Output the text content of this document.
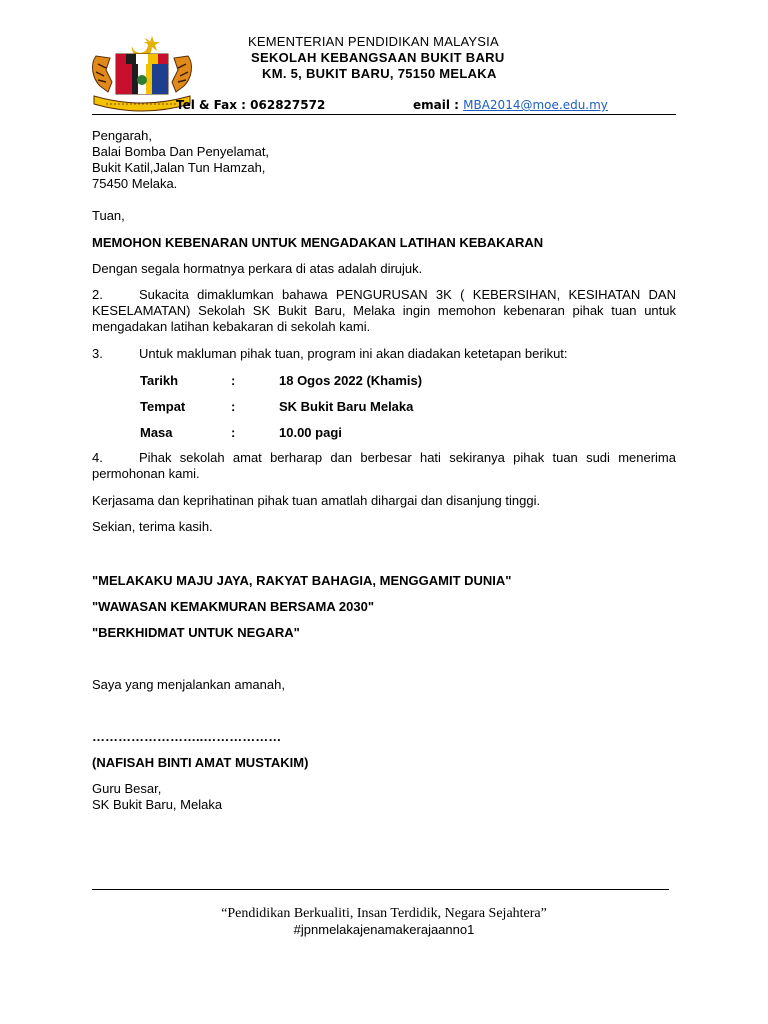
KEMENTERIAN PENDIDIKAN MALAYSIA
SEKOLAH KEBANGSAAN BUKIT BARU
KM. 5, BUKIT BARU, 75150 MELAKA
Tel & Fax : 062827572	email : MBA2014@moe.edu.my
Pengarah,
Balai Bomba Dan Penyelamat,
Bukit Katil,Jalan Tun Hamzah,
75450 Melaka.
Tuan,
MEMOHON KEBENARAN UNTUK MENGADAKAN LATIHAN KEBAKARAN
Dengan segala hormatnya perkara di atas adalah dirujuk.
2.	Sukacita dimaklumkan bahawa PENGURUSAN 3K ( KEBERSIHAN, KESIHATAN DAN KESELAMATAN) Sekolah SK Bukit Baru, Melaka ingin memohon kebenaran pihak tuan untuk mengadakan latihan kebakaran di sekolah kami.
3.	Untuk makluman pihak tuan, program ini akan diadakan ketetapan berikut:
Tarikh	:	18 Ogos 2022 (Khamis)
Tempat	:	SK Bukit Baru Melaka
Masa	:	10.00 pagi
4.	Pihak sekolah amat berharap dan berbesar hati sekiranya pihak tuan sudi menerima permohonan kami.
Kerjasama dan keprihatinan pihak tuan amatlah dihargai dan disanjung tinggi.
Sekian, terima kasih.
"MELAKAKU MAJU JAYA, RAKYAT BAHAGIA, MENGGAMIT DUNIA"
"WAWASAN KEMAKMURAN BERSAMA 2030"
"BERKHIDMAT UNTUK NEGARA"
Saya yang menjalankan amanah,
……………………..………………
(NAFISAH BINTI AMAT MUSTAKIM)
Guru Besar,
SK Bukit Baru, Melaka
“Pendidikan Berkualiti, Insan Terdidik, Negara Sejahtera”
#jpnmelakajenamakerajaanno1
